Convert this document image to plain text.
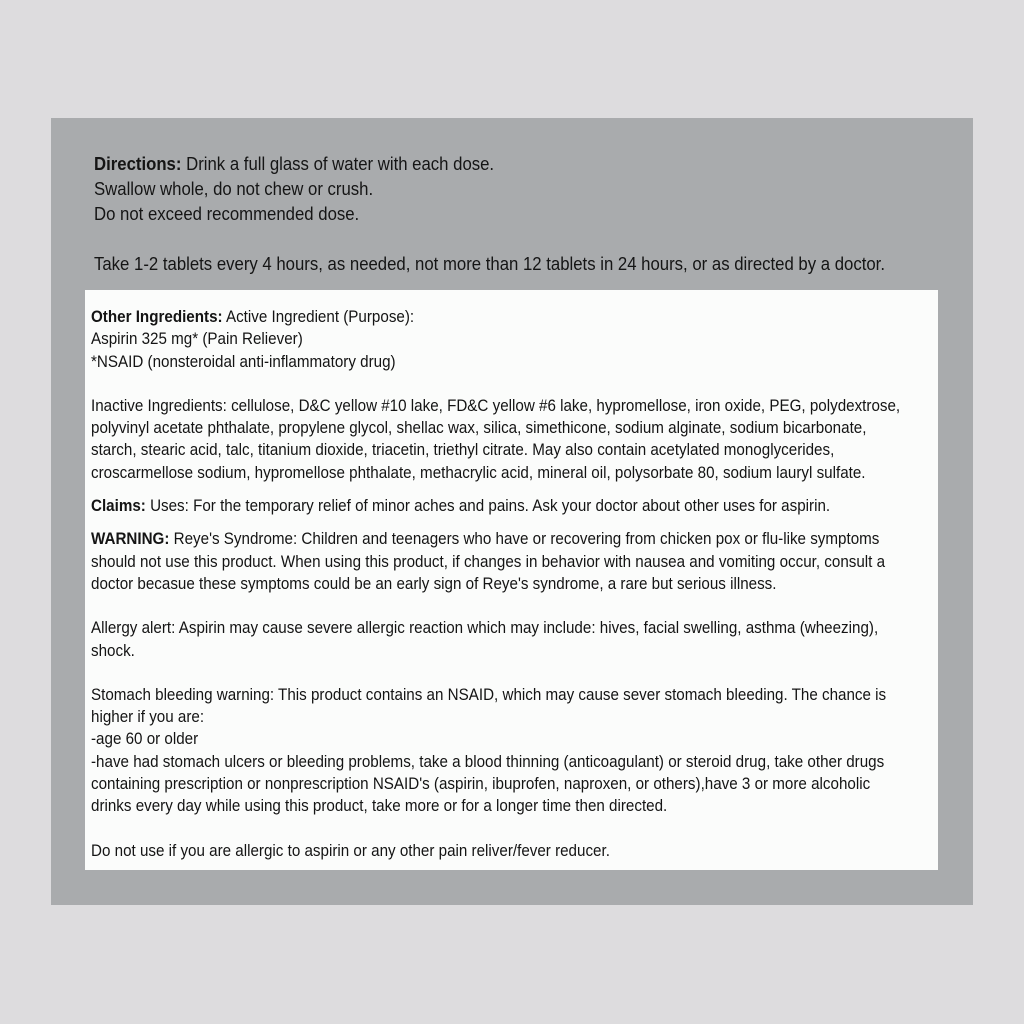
Directions: Drink a full glass of water with each dose.

Swallow whole, do not chew or crush.

Do not exceed recommended dose.

Take 1-2 tablets every 4 hours, as needed, not more than 12 tablets in 24 hours, or as directed by a doctor.

Other Ingredients: Active Ingredient (Purpose):

Aspirin 325 mg* (Pain Reliever)

*NSAID (nonsteroidal anti-inflammatory drug)

Inactive Ingredients: cellulose, D&C yellow #10 lake, FD&C yellow #6 lake, hypromellose, iron oxide, PEG, polydextrose,

polyvinyl acetate phthalate, propylene glycol, shellac wax, silica, simethicone, sodium alginate, sodium bicarbonate,

starch, stearic acid, talc, titanium dioxide, triacetin, triethyl citrate. May also contain acetylated monoglycerides,

croscarmellose sodium, hypromellose phthalate, methacrylic acid, mineral oil, polysorbate 80, sodium lauryl sulfate.

Claims: Uses: For the temporary relief of minor aches and pains. Ask your doctor about other uses for aspirin.

WARNING: Reye's Syndrome: Children and teenagers who have or recovering from chicken pox or flu-like symptoms

should not use this product. When using this product, if changes in behavior with nausea and vomiting occur, consult a

doctor becasue these symptoms could be an early sign of Reye's syndrome, a rare but serious illness.

Allergy alert: Aspirin may cause severe allergic reaction which may include: hives, facial swelling, asthma (wheezing),

shock.

Stomach bleeding warning: This product contains an NSAID, which may cause sever stomach bleeding. The chance is

higher if you are:

-age 60 or older

-have had stomach ulcers or bleeding problems, take a blood thinning (anticoagulant) or steroid drug, take other drugs

containing prescription or nonprescription NSAID's (aspirin, ibuprofen, naproxen, or others),have 3 or more alcoholic

drinks every day while using this product, take more or for a longer time then directed.

Do not use if you are allergic to aspirin or any other pain reliver/fever reducer.
